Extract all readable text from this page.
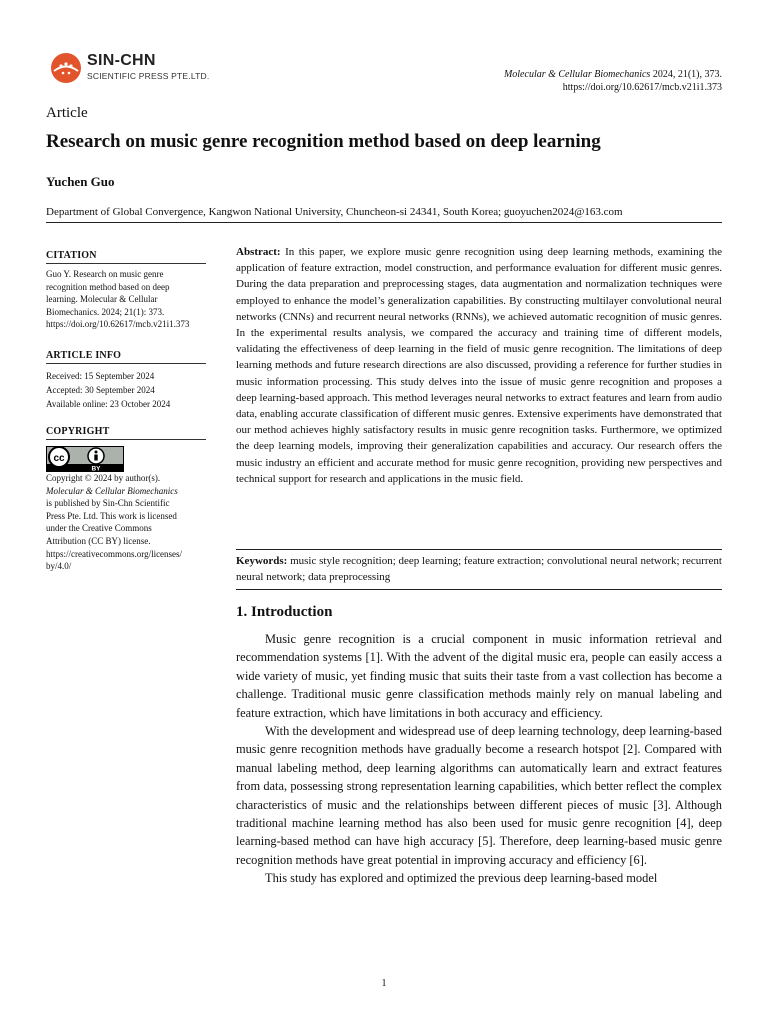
SIN-CHN
SCIENTIFIC PRESS PTE.LTD.	Molecular & Cellular Biomechanics 2024, 21(1), 373.
https://doi.org/10.62617/mcb.v21i1.373
Article
Research on music genre recognition method based on deep learning
Yuchen Guo
Department of Global Convergence, Kangwon National University, Chuncheon-si 24341, South Korea; guoyuchen2024@163.com
CITATION
Guo Y. Research on music genre
recognition method based on deep
learning. Molecular & Cellular
Biomechanics. 2024; 21(1): 373.
https://doi.org/10.62617/mcb.v21i1.373
ARTICLE INFO
Received: 15 September 2024
Accepted: 30 September 2024
Available online: 23 October 2024
COPYRIGHT
cc
BY
Copyright © 2024 by author(s).
Molecular & Cellular Biomechanics
is published by Sin-Chn Scientific
Press Pte. Ltd. This work is licensed
under the Creative Commons
Attribution (CC BY) license.
https://creativecommons.org/licenses/
by/4.0/
Abstract: In this paper, we explore music genre recognition using deep learning methods, examining the application of feature extraction, model construction, and performance evaluation for different music genres. During the data preparation and preprocessing stages, data augmentation and normalization techniques were employed to enhance the model’s generalization capabilities. By constructing multilayer convolutional neural networks (CNNs) and recurrent neural networks (RNNs), we achieved automatic recognition of music genres. In the experimental results analysis, we compared the accuracy and training time of different models, validating the effectiveness of deep learning in the field of music genre recognition. The limitations of deep learning methods and future research directions are also discussed, providing a reference for further studies in music information processing. This study delves into the issue of music genre recognition and proposes a deep learning-based approach. This method leverages neural networks to extract features and learn from audio data, enabling accurate classification of different music genres. Extensive experiments have demonstrated that our method achieves highly satisfactory results in music genre recognition tasks. Furthermore, we optimized the deep learning models, improving their generalization capabilities and accuracy. Our research offers the music industry an efficient and accurate method for music genre recognition, providing new perspectives and technical support for research and applications in the music field.
Keywords: music style recognition; deep learning; feature extraction; convolutional neural network; recurrent neural network; data preprocessing
1. Introduction

Music genre recognition is a crucial component in music information retrieval and recommendation systems [1]. With the advent of the digital music era, people can easily access a wide variety of music, yet finding music that suits their taste from a vast collection has become a challenge. Traditional music genre classification methods mainly rely on manual labeling and feature extraction, which have limitations in both accuracy and efficiency.

With the development and widespread use of deep learning technology, deep learning-based music genre recognition methods have gradually become a research hotspot [2]. Compared with manual labeling method, deep learning algorithms can automatically learn and extract features from data, possessing strong representation learning capabilities, which better reflect the complex characteristics of music and the relationships between different pieces of music [3]. Although traditional machine learning method has also been used for music genre recognition [4], deep learning-based method can have high accuracy [5]. Therefore, deep learning-based music genre recognition methods have great potential in improving accuracy and efficiency [6].

This study has explored and optimized the previous deep learning-based model

1
